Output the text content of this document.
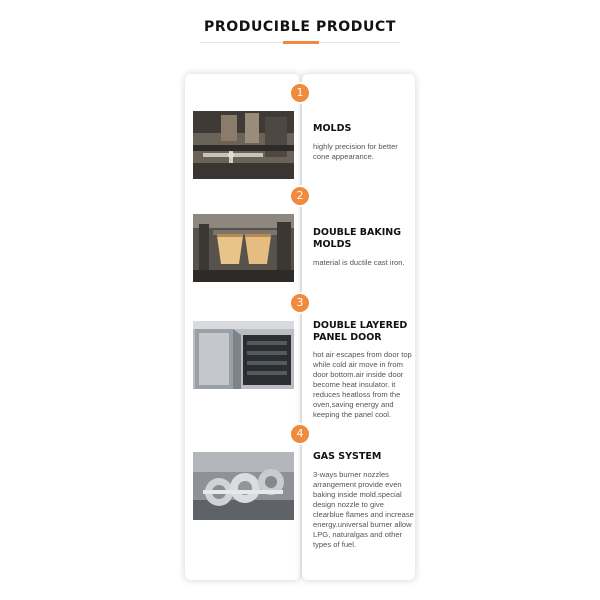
PRODUCIBLE PRODUCT
1
MOLDS
highly precision for better cone appearance.
2
DOUBLE BAKING MOLDS
material is ductile cast iron.
3
DOUBLE LAYERED PANEL DOOR
hot air escapes from door top while cold air move in from door bottom.air inside door become heat insulator. it reduces heatloss from the oven,saving energy and keeping the panel cool.
4
GAS SYSTEM
3-ways burner nozzles arrangement provide even baking inside mold.special design nozzle to give clearblue flames and increase energy.universal burner allow LPG, naturalgas and other types of fuel.
